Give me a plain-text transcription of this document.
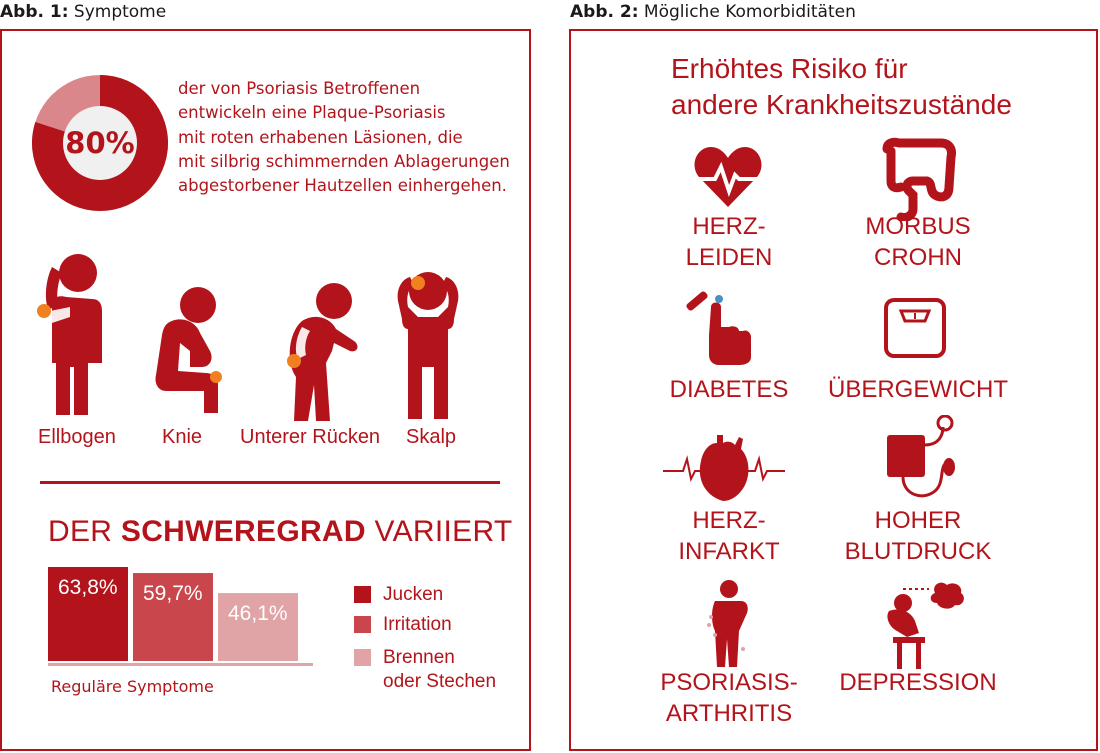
Abb. 1: Symptome	Abb. 2: Mögliche Komorbiditäten
80%
der von Psoriasis Betroffenen
entwickeln eine Plaque-Psoriasis
mit roten erhabenen Läsionen, die
mit silbrig schimmernden Ablagerungen
abgestorbener Hautzellen einhergehen.
Ellbogen Knie Unterer Rücken Skalp
DER SCHWEREGRAD VARIIERT
63,8% 59,7%
46,1%
Reguläre Symptome
Jucken
Irritation
Brennen
oder Stechen
Erhöhtes Risiko für
andere Krankheitszustände
HERZ-
LEIDEN
MORBUS
CROHN
DIABETES	ÜBERGEWICHT
HERZ-
INFARKT
HOHER
BLUTDRUCK
PSORIASIS-
ARTHRITIS
DEPRESSION
